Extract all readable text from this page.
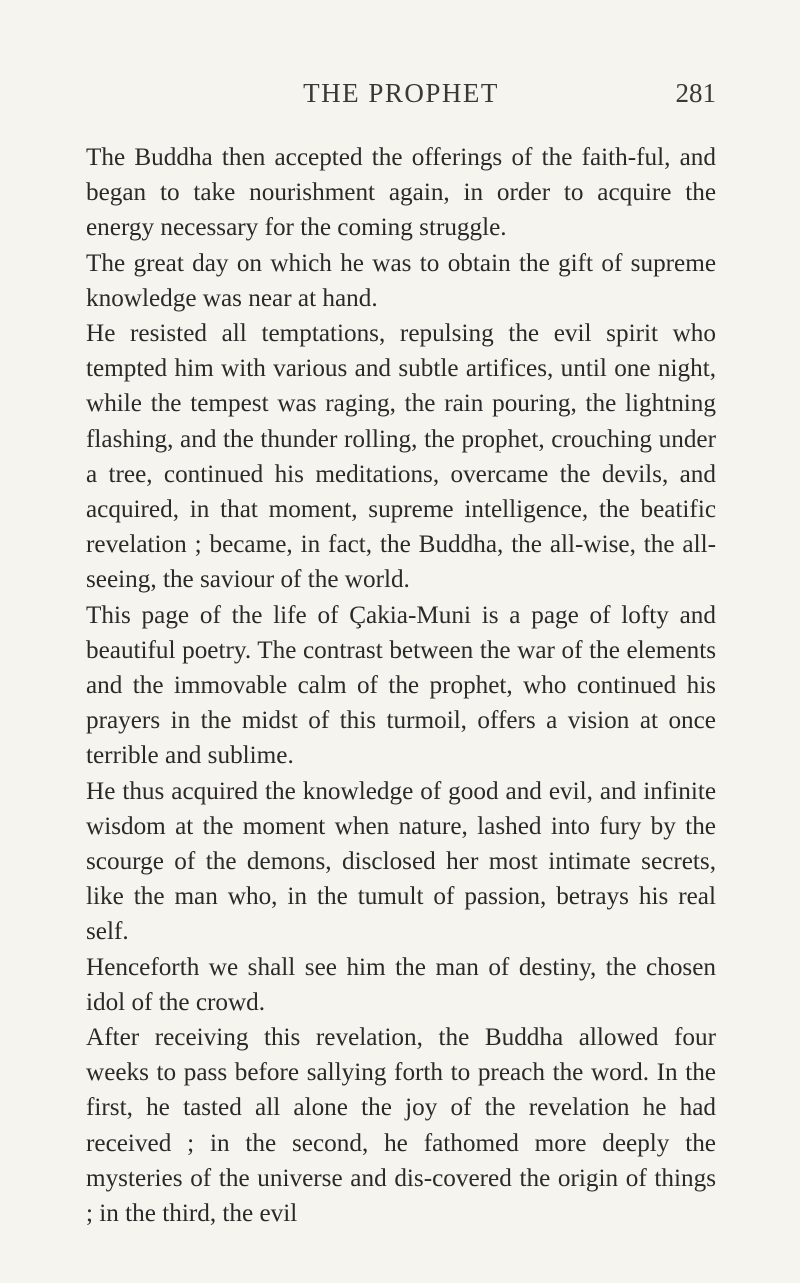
THE PROPHET	281

The Buddha then accepted the offerings of the faith-ful, and began to take nourishment again, in order to acquire the energy necessary for the coming struggle.

The great day on which he was to obtain the gift of supreme knowledge was near at hand.

He resisted all temptations, repulsing the evil spirit who tempted him with various and subtle artifices, until one night, while the tempest was raging, the rain pouring, the lightning flashing, and the thunder rolling, the prophet, crouching under a tree, continued his meditations, overcame the devils, and acquired, in that moment, supreme intelligence, the beatific revelation ; became, in fact, the Buddha, the all-wise, the all-seeing, the saviour of the world.

This page of the life of Çakia-Muni is a page of lofty and beautiful poetry. The contrast between the war of the elements and the immovable calm of the prophet, who continued his prayers in the midst of this turmoil, offers a vision at once terrible and sublime.

He thus acquired the knowledge of good and evil, and infinite wisdom at the moment when nature, lashed into fury by the scourge of the demons, disclosed her most intimate secrets, like the man who, in the tumult of passion, betrays his real self.

Henceforth we shall see him the man of destiny, the chosen idol of the crowd.

After receiving this revelation, the Buddha allowed four weeks to pass before sallying forth to preach the word. In the first, he tasted all alone the joy of the revelation he had received ; in the second, he fathomed more deeply the mysteries of the universe and dis-covered the origin of things ; in the third, the evil
